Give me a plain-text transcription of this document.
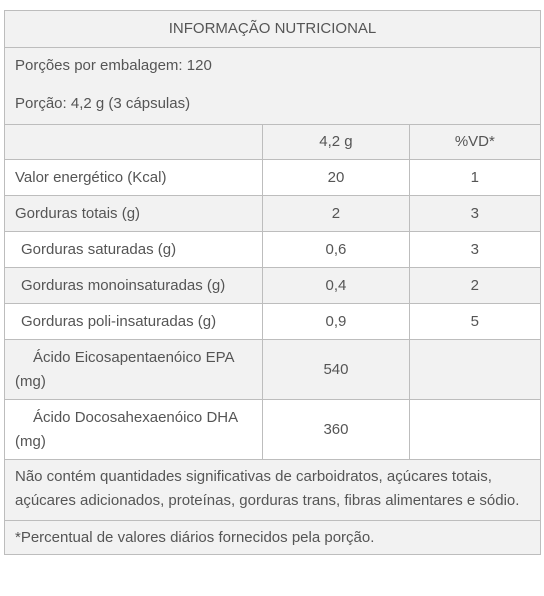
INFORMAÇÃO NUTRICIONAL		

Porções por embalagem: 120
Porção: 4,2 g (3 cápsulas)		

	4,2 g	%VD*
Valor energético (Kcal)	20	1
Gorduras totais (g)	2	3
Gorduras saturadas (g)	0,6	3
Gorduras monoinsaturadas (g)	0,4	2
Gorduras poli-insaturadas (g)	0,9	5
Ácido Eicosapentaenóico EPA (mg)	540	
Ácido Docosahexaenóico DHA (mg)	360	
Não contém quantidades significativas de carboidratos, açúcares totais, açúcares adicionados, proteínas, gorduras trans, fibras alimentares e sódio.		
*Percentual de valores diários fornecidos pela porção.		
